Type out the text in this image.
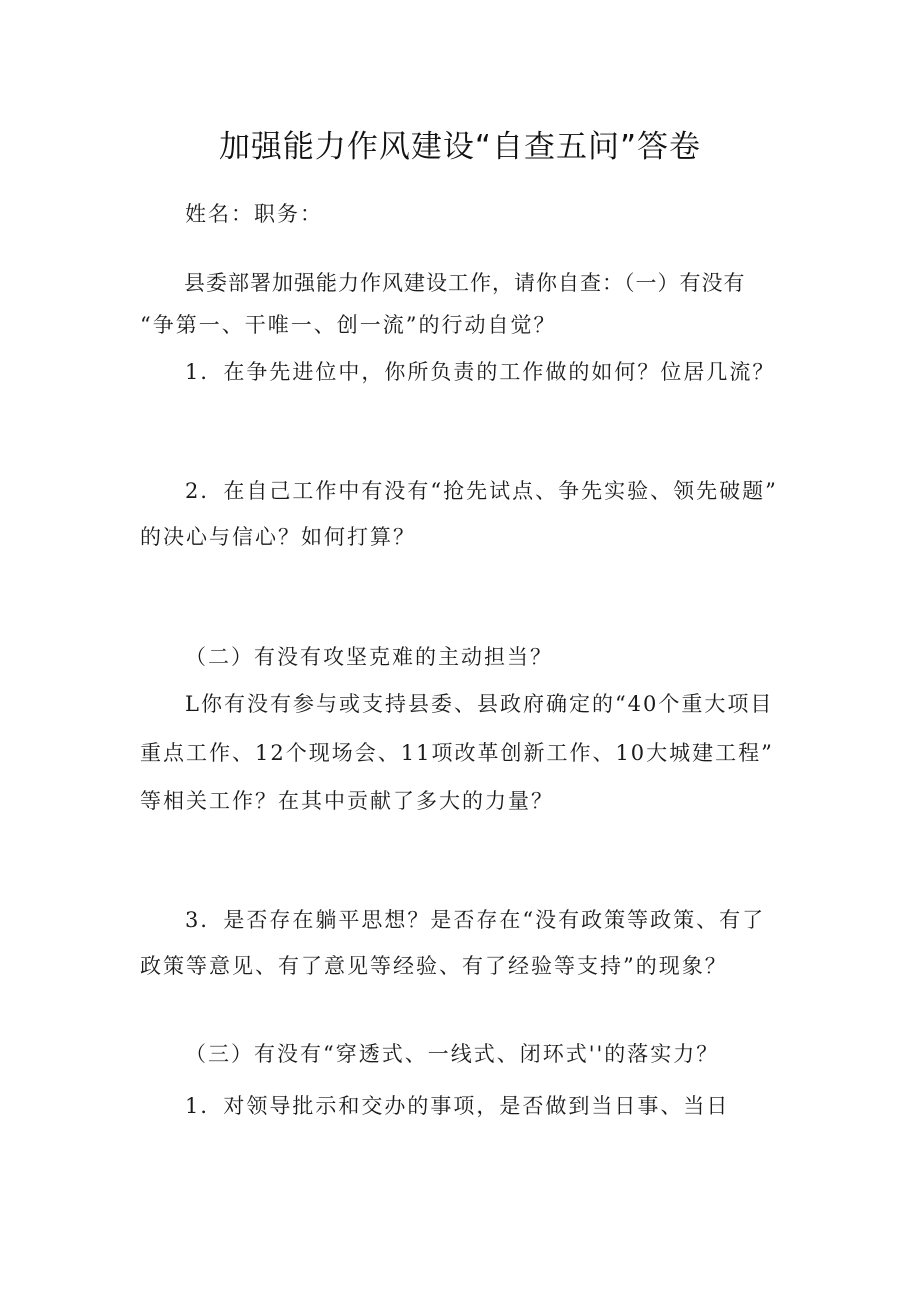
加强能力作风建设“自查五问”答卷
姓名：职务：
县委部署加强能力作风建设工作，请你自查：（一）有没有
“争第一、干唯一、创一流”的行动自觉？
1．在争先进位中，你所负责的工作做的如何？位居几流？
2．在自己工作中有没有“抢先试点、争先实验、领先破题”
的决心与信心？如何打算？
（二）有没有攻坚克难的主动担当？
L你有没有参与或支持县委、县政府确定的“40个重大项目
重点工作、12个现场会、11项改革创新工作、10大城建工程”
等相关工作？在其中贡献了多大的力量？
3．是否存在躺平思想？是否存在“没有政策等政策、有了
政策等意见、有了意见等经验、有了经验等支持”的现象？
（三）有没有“穿透式、一线式、闭环式''的落实力？
1．对领导批示和交办的事项，是否做到当日事、当日
